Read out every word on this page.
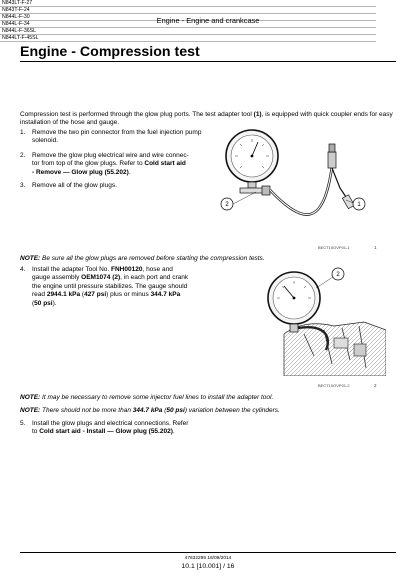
Engine - Engine and crankcase
Engine - Compression test
N843LT-F-27
N843T-F-24
N844L-F-30
N844L-F-34
N844L-F-36SL
N844LT-F-45SL
Compression test is performed through the glow plug ports. The test adapter tool (1), is equipped with quick coupler ends for easy installation of the hose and gauge.
1. Remove the two pin connector from the fuel injection pump solenoid.
2. Remove the glow plug electrical wire and wire connec-
tor from top of the glow plugs. Refer to Cold start aid
- Remove — Glow plug (55.202).
3. Remove all of the glow plugs.
2	1
BECT10OVP01-1	1
NOTE: Be sure all the glow plugs are removed before starting the compression tests.
4. Install the adapter Tool No. FNH00120, hose and
gauge assembly OEM1074 (2), in each port and crank
the engine until pressure stabilizes. The gauge should
read 2944.1 kPa (427 psi) plus or minus 344.7 kPa
(50 psi).
2
BECT10OVP01-2	2
NOTE: It may be necessary to remove some injector fuel lines to install the adapter tool.
NOTE: There should not be more than 344.7 kPa (50 psi) variation between the cylinders.
5. Install the glow plugs and electrical connections. Refer
to Cold start aid - Install — Glow plug (55.202).
47632295 16/09/2014
10.1 [10.001] / 16
